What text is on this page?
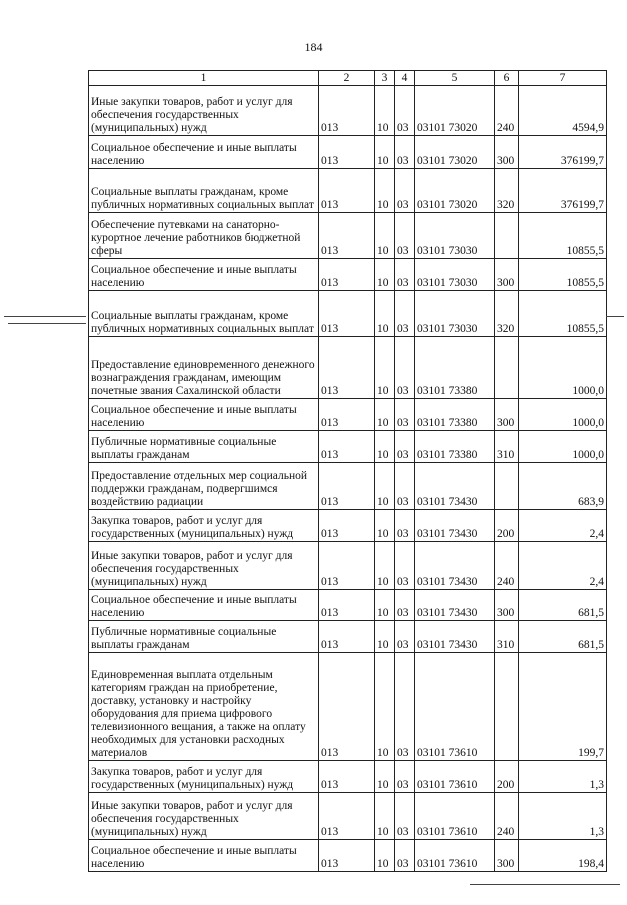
184
1	2	3	4	5	6	7
Иные закупки товаров, работ и услуг для обеспечения государственных (муниципальных) нужд	013	10	03	03101 73020	240	4594,9
Социальное обеспечение и иные выплаты населению	013	10	03	03101 73020	300	376199,7
Социальные выплаты гражданам, кроме публичных нормативных социальных выплат	013	10	03	03101 73020	320	376199,7
Обеспечение путевками на санаторно-курортное лечение работников бюджетной сферы	013	10	03	03101 73030		10855,5
Социальное обеспечение и иные выплаты населению	013	10	03	03101 73030	300	10855,5
Социальные выплаты гражданам, кроме публичных нормативных социальных выплат	013	10	03	03101 73030	320	10855,5
Предоставление единовременного денежного вознаграждения гражданам, имеющим почетные звания Сахалинской области	013	10	03	03101 73380		1000,0
Социальное обеспечение и иные выплаты населению	013	10	03	03101 73380	300	1000,0
Публичные нормативные социальные выплаты гражданам	013	10	03	03101 73380	310	1000,0
Предоставление отдельных мер социальной поддержки гражданам, подвергшимся воздействию радиации	013	10	03	03101 73430		683,9
Закупка товаров, работ и услуг для государственных (муниципальных) нужд	013	10	03	03101 73430	200	2,4
Иные закупки товаров, работ и услуг для обеспечения государственных (муниципальных) нужд	013	10	03	03101 73430	240	2,4
Социальное обеспечение и иные выплаты населению	013	10	03	03101 73430	300	681,5
Публичные нормативные социальные выплаты гражданам	013	10	03	03101 73430	310	681,5
Единовременная выплата отдельным категориям граждан на приобретение, доставку, установку и настройку оборудования для приема цифрового телевизионного вещания, а также на оплату необходимых для установки расходных материалов	013	10	03	03101 73610		199,7
Закупка товаров, работ и услуг для государственных (муниципальных) нужд	013	10	03	03101 73610	200	1,3
Иные закупки товаров, работ и услуг для обеспечения государственных (муниципальных) нужд	013	10	03	03101 73610	240	1,3
Социальное обеспечение и иные выплаты населению	013	10	03	03101 73610	300	198,4
